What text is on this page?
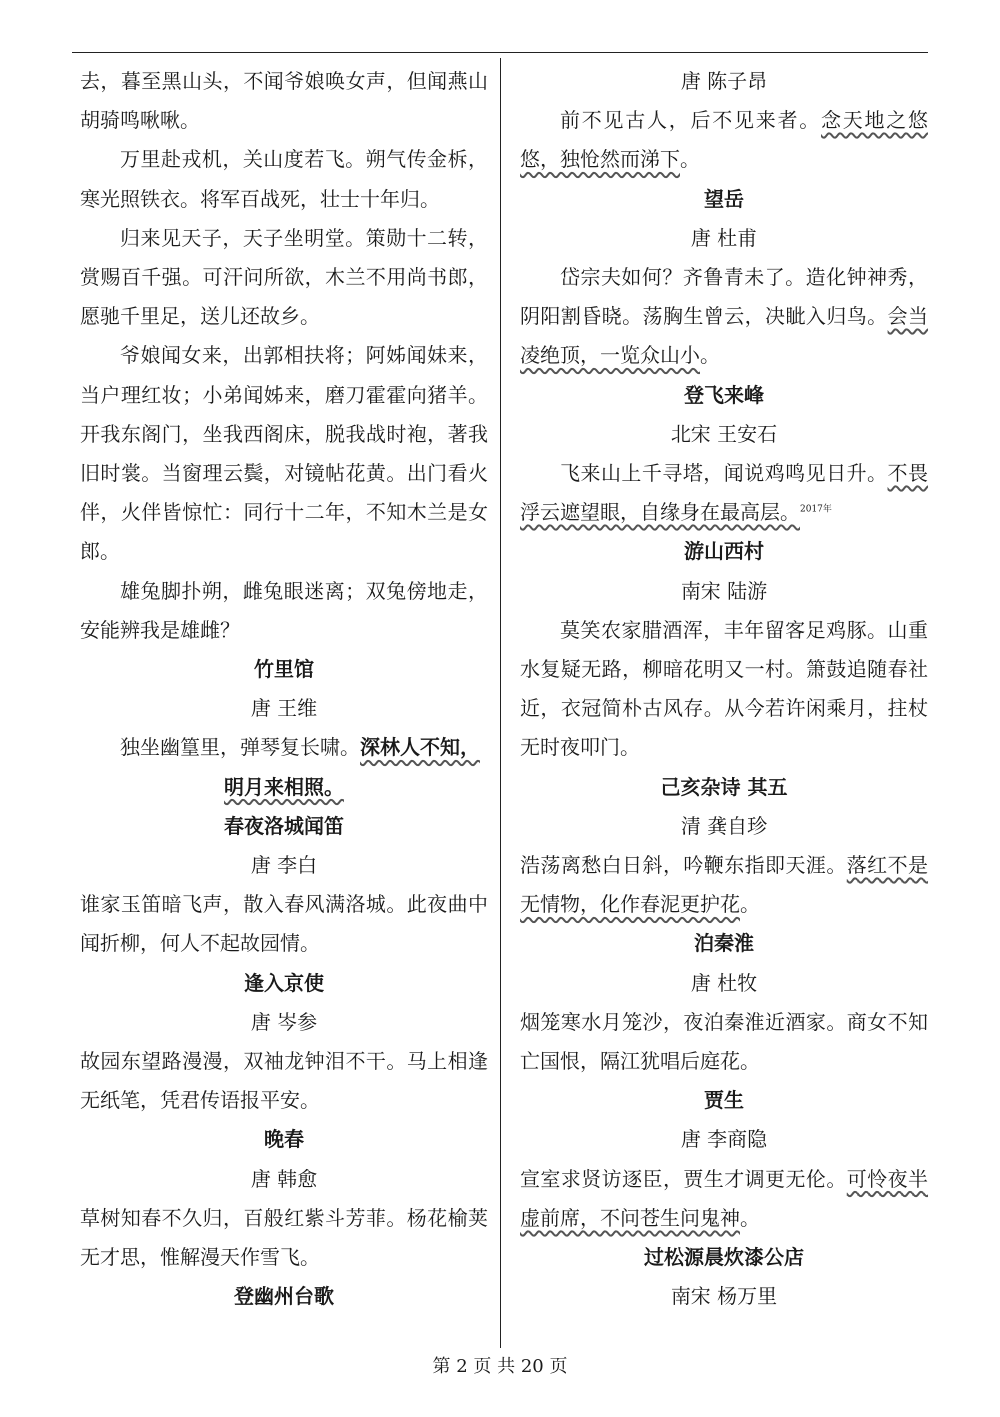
去，暮至黑山头，不闻爷娘唤女声，但闻燕山胡骑鸣啾啾。

万里赴戎机，关山度若飞。朔气传金柝，寒光照铁衣。将军百战死，壮士十年归。

归来见天子，天子坐明堂。策勋十二转，赏赐百千强。可汗问所欲，木兰不用尚书郎，愿驰千里足，送儿还故乡。

爷娘闻女来，出郭相扶将；阿姊闻妹来，当户理红妆；小弟闻姊来，磨刀霍霍向猪羊。开我东阁门，坐我西阁床，脱我战时袍，著我旧时裳。当窗理云鬓，对镜帖花黄。出门看火伴，火伴皆惊忙：同行十二年，不知木兰是女郎。

雄兔脚扑朔，雌兔眼迷离；双兔傍地走，安能辨我是雄雌？

竹里馆

唐 王维

独坐幽篁里，弹琴复长啸。深林人不知，

明月来相照。

春夜洛城闻笛

唐 李白

谁家玉笛暗飞声，散入春风满洛城。此夜曲中闻折柳，何人不起故园情。

逢入京使

唐 岑参

故园东望路漫漫，双袖龙钟泪不干。马上相逢无纸笔，凭君传语报平安。

晚春

唐 韩愈

草树知春不久归，百般红紫斗芳菲。杨花榆荚无才思，惟解漫天作雪飞。

登幽州台歌

唐 陈子昂

前不见古人，后不见来者。念天地之悠悠，独怆然而涕下。

望岳

唐 杜甫

岱宗夫如何？齐鲁青未了。造化钟神秀，阴阳割昏晓。荡胸生曾云，决眦入归鸟。会当凌绝顶，一览众山小。

登飞来峰

北宋 王安石

飞来山上千寻塔，闻说鸡鸣见日升。不畏浮云遮望眼，自缘身在最高层。$^{2017年}$

游山西村

南宋 陆游

莫笑农家腊酒浑，丰年留客足鸡豚。山重水复疑无路，柳暗花明又一村。箫鼓追随春社近，衣冠简朴古风存。从今若许闲乘月，拄杖无时夜叩门。

己亥杂诗 其五

清 龚自珍

浩荡离愁白日斜，吟鞭东指即天涯。落红不是无情物，化作春泥更护花。

泊秦淮

唐 杜牧

烟笼寒水月笼沙，夜泊秦淮近酒家。商女不知亡国恨，隔江犹唱后庭花。

贾生

唐 李商隐

宣室求贤访逐臣，贾生才调更无伦。可怜夜半虚前席，不问苍生问鬼神。

过松源晨炊漆公店

南宋 杨万里

第 2 页 共 20 页
